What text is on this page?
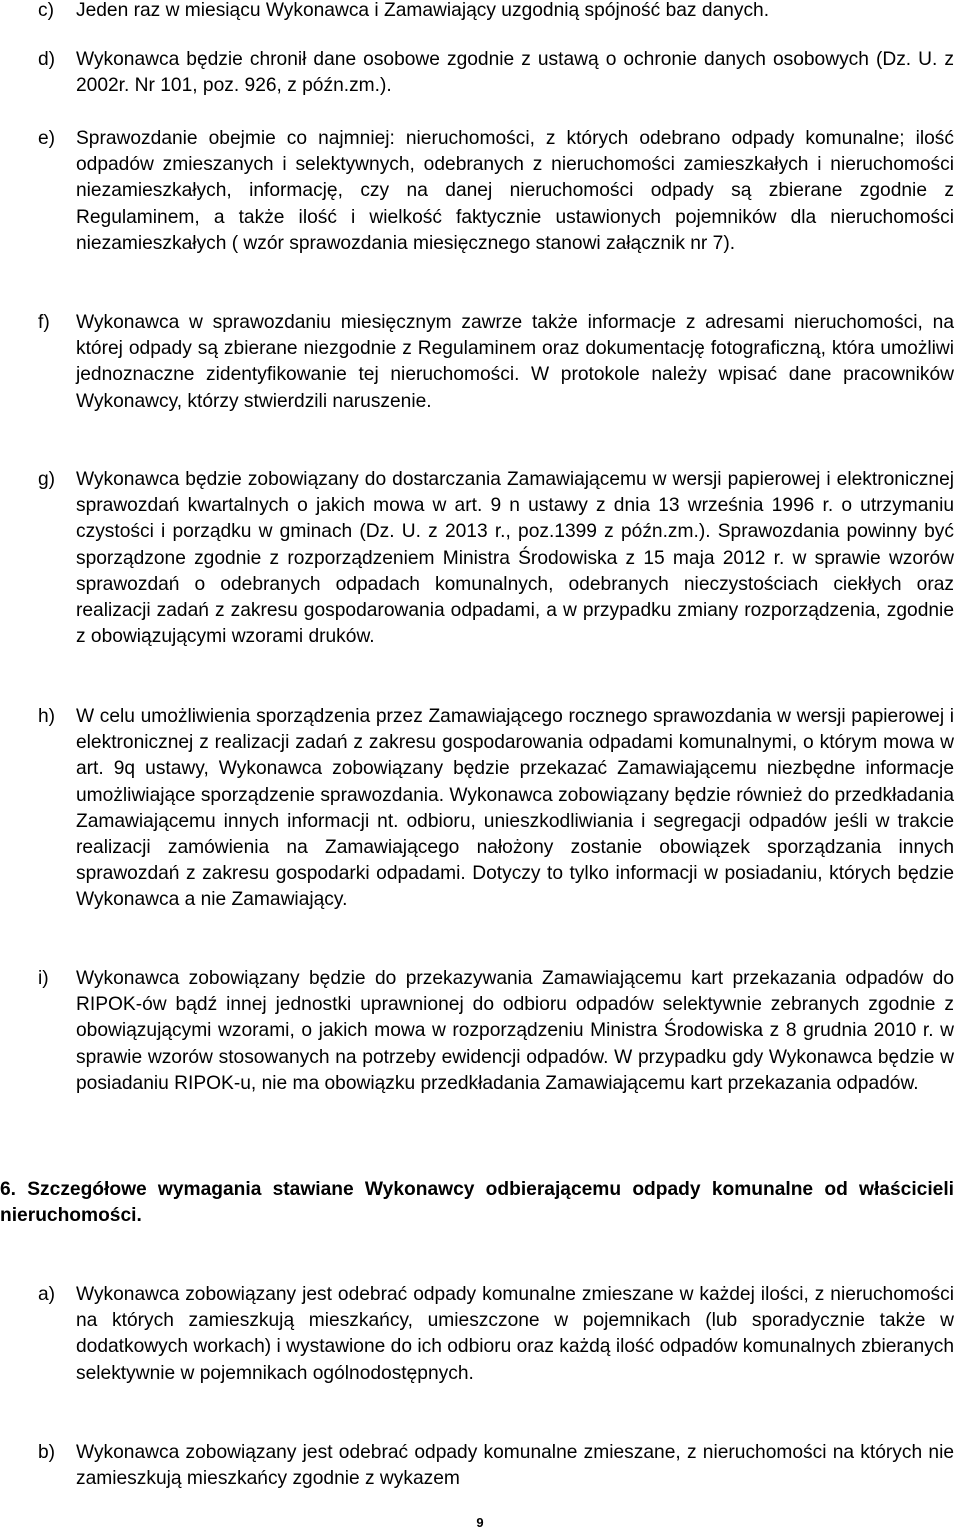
c) Jeden raz w miesiącu Wykonawca i Zamawiający uzgodnią spójność baz danych.
d) Wykonawca będzie chronił dane osobowe zgodnie z ustawą o ochronie danych osobowych (Dz. U. z 2002r. Nr 101, poz. 926, z późn.zm.).
e) Sprawozdanie obejmie co najmniej: nieruchomości, z których odebrano odpady komunalne; ilość odpadów zmieszanych i selektywnych, odebranych z nieruchomości zamieszkałych i nieruchomości niezamieszkałych, informację, czy na danej nieruchomości odpady są zbierane zgodnie z Regulaminem, a także ilość i wielkość faktycznie ustawionych pojemników dla nieruchomości niezamieszkałych ( wzór sprawozdania miesięcznego stanowi załącznik nr 7).
f) Wykonawca w sprawozdaniu miesięcznym zawrze także informacje z adresami nieruchomości, na której odpady są zbierane niezgodnie z Regulaminem oraz dokumentację fotograficzną, która umożliwi jednoznaczne zidentyfikowanie tej nieruchomości. W protokole należy wpisać dane pracowników Wykonawcy, którzy stwierdzili naruszenie.
g) Wykonawca będzie zobowiązany do dostarczania Zamawiającemu w wersji papierowej i elektronicznej sprawozdań kwartalnych o jakich mowa w art. 9 n ustawy z dnia 13 września 1996 r. o utrzymaniu czystości i porządku w gminach (Dz. U. z 2013 r., poz.1399 z późn.zm.). Sprawozdania powinny być sporządzone zgodnie z rozporządzeniem Ministra Środowiska z 15 maja 2012 r. w sprawie wzorów sprawozdań o odebranych odpadach komunalnych, odebranych nieczystościach ciekłych oraz realizacji zadań z zakresu gospodarowania odpadami, a w przypadku zmiany rozporządzenia, zgodnie z obowiązującymi wzorami druków.
h) W celu umożliwienia sporządzenia przez Zamawiającego rocznego sprawozdania w wersji papierowej i elektronicznej z realizacji zadań z zakresu gospodarowania odpadami komunalnymi, o którym mowa w art. 9q ustawy, Wykonawca zobowiązany będzie przekazać Zamawiającemu niezbędne informacje umożliwiające sporządzenie sprawozdania. Wykonawca zobowiązany będzie również do przedkładania Zamawiającemu innych informacji nt. odbioru, unieszkodliwiania i segregacji odpadów jeśli w trakcie realizacji zamówienia na Zamawiającego nałożony zostanie obowiązek sporządzania innych sprawozdań z zakresu gospodarki odpadami. Dotyczy to tylko informacji w posiadaniu, których będzie Wykonawca a nie Zamawiający.
i) Wykonawca zobowiązany będzie do przekazywania Zamawiającemu kart przekazania odpadów do RIPOK-ów bądź innej jednostki uprawnionej do odbioru odpadów selektywnie zebranych zgodnie z obowiązującymi wzorami, o jakich mowa w rozporządzeniu Ministra Środowiska z 8 grudnia 2010 r. w sprawie wzorów stosowanych na potrzeby ewidencji odpadów. W przypadku gdy Wykonawca będzie w posiadaniu RIPOK-u, nie ma obowiązku przedkładania Zamawiającemu kart przekazania odpadów.
6. Szczegółowe wymagania stawiane Wykonawcy odbierającemu odpady komunalne od właścicieli nieruchomości.
a) Wykonawca zobowiązany jest odebrać odpady komunalne zmieszane w każdej ilości, z nieruchomości na których zamieszkują mieszkańcy, umieszczone w pojemnikach (lub sporadycznie także w dodatkowych workach) i wystawione do ich odbioru oraz każdą ilość odpadów komunalnych zbieranych selektywnie w pojemnikach ogólnodostępnych.
b) Wykonawca zobowiązany jest odebrać odpady komunalne zmieszane, z nieruchomości na których nie zamieszkują mieszkańcy zgodnie z wykazem
9
